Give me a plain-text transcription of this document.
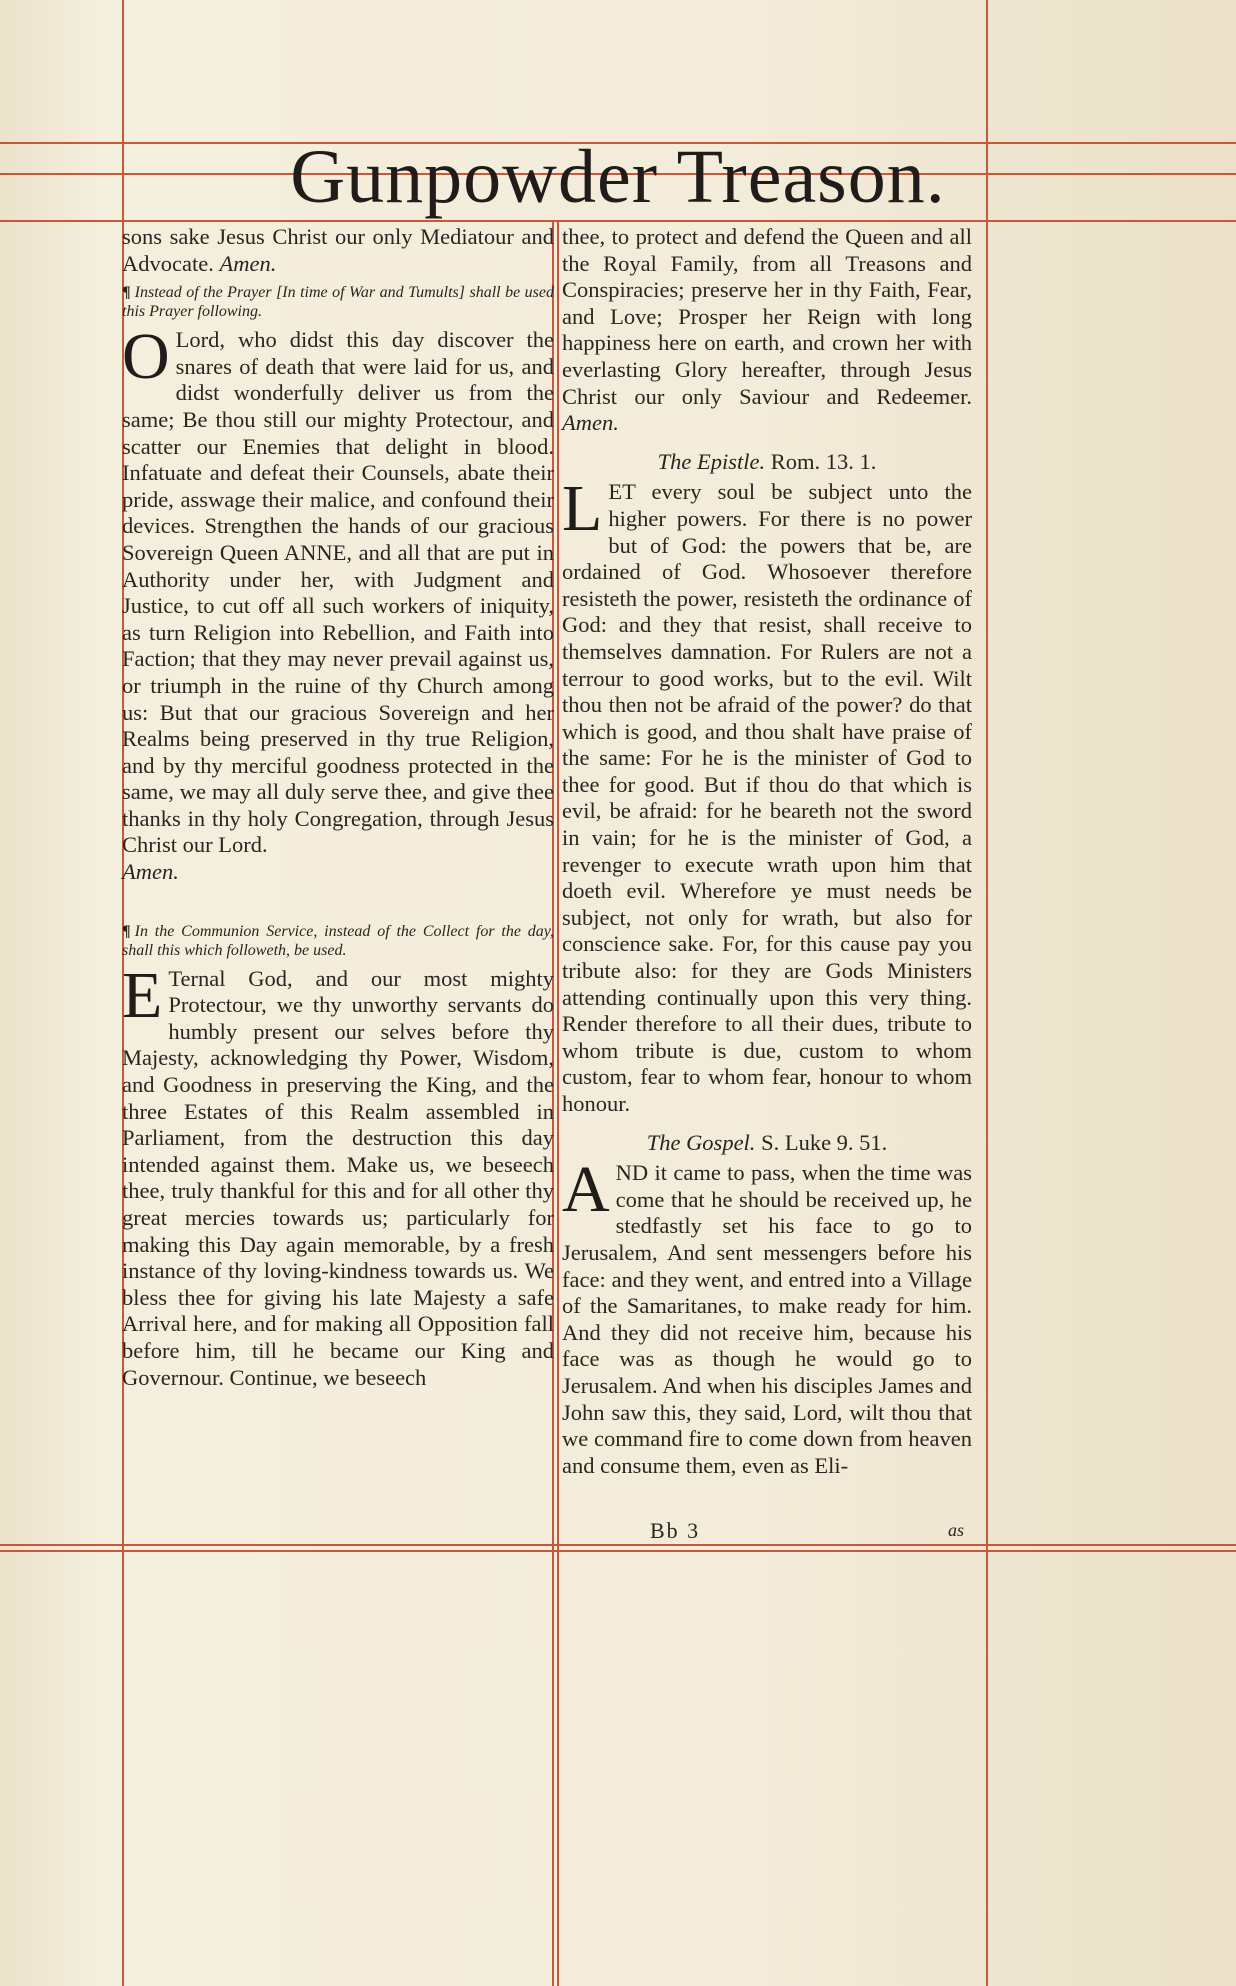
Gunpowder Treason.

sons sake Jesus Christ our only Mediatour and Advocate. Amen.

¶ Instead of the Prayer [In time of War and Tumults] shall be used this Prayer following.

O Lord, who didst this day discover the snares of death that were laid for us, and didst wonderfully deliver us from the same; Be thou still our mighty Protectour, and scatter our Enemies that delight in blood. Infatuate and defeat their Counsels, abate their pride, asswage their malice, and confound their devices. Strengthen the hands of our gracious Sovereign Queen ANNE, and all that are put in Authority under her, with Judgment and Justice, to cut off all such workers of iniquity, as turn Religion into Rebellion, and Faith into Faction; that they may never prevail against us, or triumph in the ruine of thy Church among us: But that our gracious Sovereign and her Realms being preserved in thy true Religion, and by thy merciful goodness protected in the same, we may all duly serve thee, and give thee thanks in thy holy Congregation, through Jesus Christ our Lord.
Amen.

¶ In the Communion Service, instead of the Collect for the day, shall this which followeth, be used.

E Ternal God, and our most mighty Protectour, we thy unworthy servants do humbly present our selves before thy Majesty, acknowledging thy Power, Wisdom, and Goodness in preserving the King, and the three Estates of this Realm assembled in Parliament, from the destruction this day intended against them. Make us, we beseech thee, truly thankful for this and for all other thy great mercies towards us; particularly for making this Day again memorable, by a fresh instance of thy loving-kindness towards us. We bless thee for giving his late Majesty a safe Arrival here, and for making all Opposition fall before him, till he became our King and Governour. Continue, we beseech

thee, to protect and defend the Queen and all the Royal Family, from all Treasons and Conspiracies; preserve her in thy Faith, Fear, and Love; Prosper her Reign with long happiness here on earth, and crown her with everlasting Glory hereafter, through Jesus Christ our only Saviour and Redeemer. Amen.

The Epistle. Rom. 13. 1.

LET every soul be subject unto the higher powers. For there is no power but of God: the powers that be, are ordained of God. Whosoever therefore resisteth the power, resisteth the ordinance of God: and they that resist, shall receive to themselves damnation. For Rulers are not a terrour to good works, but to the evil. Wilt thou then not be afraid of the power? do that which is good, and thou shalt have praise of the same: For he is the minister of God to thee for good. But if thou do that which is evil, be afraid: for he beareth not the sword in vain; for he is the minister of God, a revenger to execute wrath upon him that doeth evil. Wherefore ye must needs be subject, not only for wrath, but also for conscience sake. For, for this cause pay you tribute also: for they are Gods Ministers attending continually upon this very thing. Render therefore to all their dues, tribute to whom tribute is due, custom to whom custom, fear to whom fear, honour to whom honour.

The Gospel. S. Luke 9. 51.

AND it came to pass, when the time was come that he should be received up, he stedfastly set his face to go to Jerusalem, And sent messengers before his face: and they went, and entred into a Village of the Samaritanes, to make ready for him. And they did not receive him, because his face was as though he would go to Jerusalem. And when his disciples James and John saw this, they said, Lord, wilt thou that we command fire to come down from heaven and consume them, even as Eli-

Bb 3	as
